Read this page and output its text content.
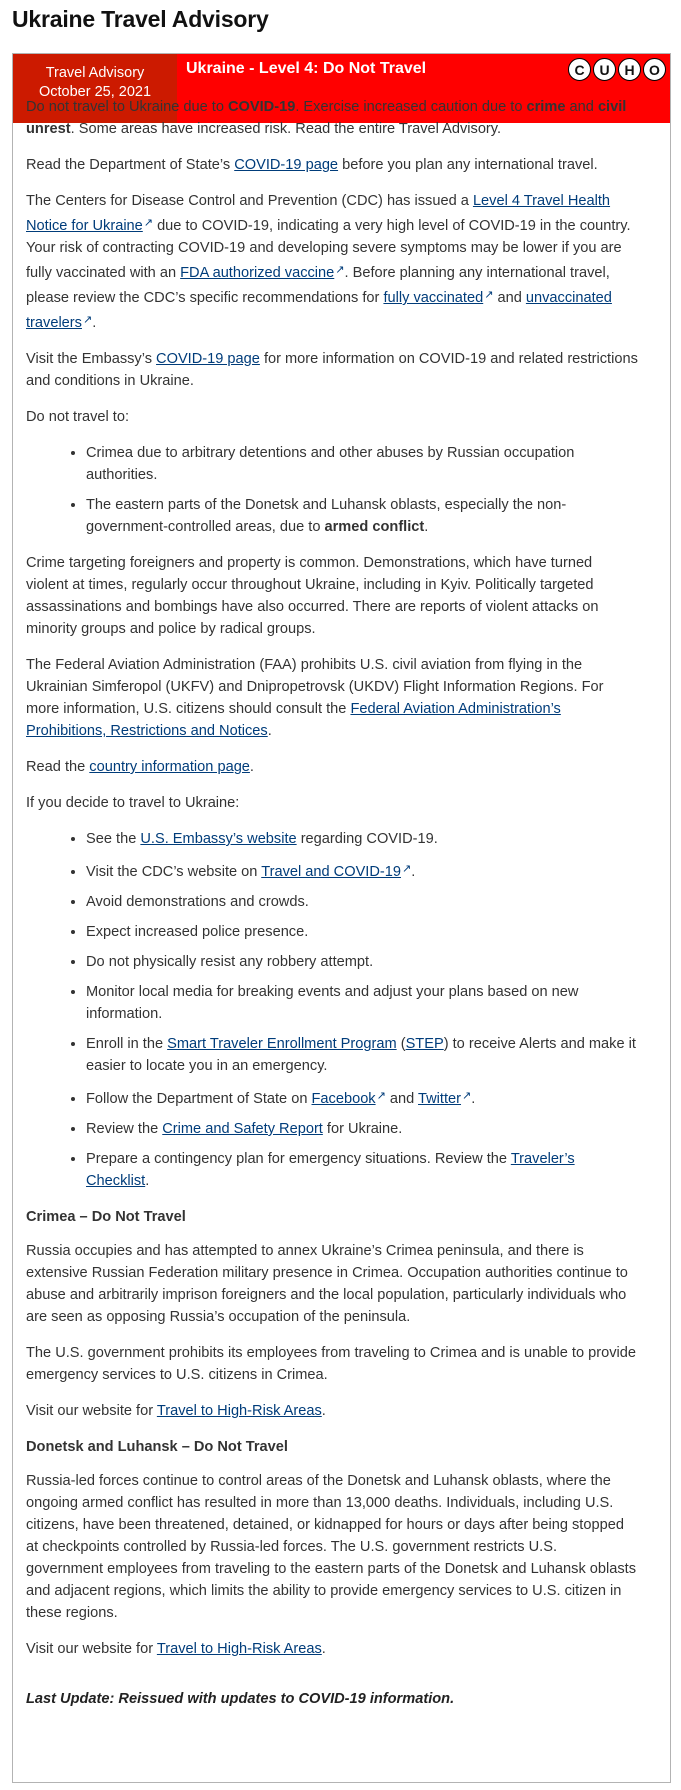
Ukraine Travel Advisory
Travel Advisory
October 25, 2021
Ukraine - Level 4: Do Not Travel	C	U	H	O

Do not travel to Ukraine due to COVID-19. Exercise increased caution due to crime and civil unrest. Some areas have increased risk. Read the entire Travel Advisory.

Read the Department of State’s COVID-19 page before you plan any international travel.

The Centers for Disease Control and Prevention (CDC) has issued a Level 4 Travel Health Notice for Ukraine↗ due to COVID-19, indicating a very high level of COVID-19 in the country. Your risk of contracting COVID-19 and developing severe symptoms may be lower if you are fully vaccinated with an FDA authorized vaccine↗. Before planning any international travel, please review the CDC’s specific recommendations for fully vaccinated↗ and unvaccinated travelers↗.

Visit the Embassy’s COVID-19 page for more information on COVID-19 and related restrictions and conditions in Ukraine.

Do not travel to:

• Crimea due to arbitrary detentions and other abuses by Russian occupation authorities.
• The eastern parts of the Donetsk and Luhansk oblasts, especially the non-government-controlled areas, due to armed conflict.

Crime targeting foreigners and property is common. Demonstrations, which have turned violent at times, regularly occur throughout Ukraine, including in Kyiv. Politically targeted assassinations and bombings have also occurred. There are reports of violent attacks on minority groups and police by radical groups.

The Federal Aviation Administration (FAA) prohibits U.S. civil aviation from flying in the Ukrainian Simferopol (UKFV) and Dnipropetrovsk (UKDV) Flight Information Regions. For more information, U.S. citizens should consult the Federal Aviation Administration’s Prohibitions, Restrictions and Notices.

Read the country information page.

If you decide to travel to Ukraine:

• See the U.S. Embassy’s website regarding COVID-19.
• Visit the CDC’s website on Travel and COVID-19↗.
• Avoid demonstrations and crowds.
• Expect increased police presence.
• Do not physically resist any robbery attempt.
• Monitor local media for breaking events and adjust your plans based on new information.
• Enroll in the Smart Traveler Enrollment Program (STEP) to receive Alerts and make it easier to locate you in an emergency.
• Follow the Department of State on Facebook↗ and Twitter↗.
• Review the Crime and Safety Report for Ukraine.
• Prepare a contingency plan for emergency situations. Review the Traveler’s Checklist.
Crimea – Do Not Travel

Russia occupies and has attempted to annex Ukraine’s Crimea peninsula, and there is extensive Russian Federation military presence in Crimea. Occupation authorities continue to abuse and arbitrarily imprison foreigners and the local population, particularly individuals who are seen as opposing Russia’s occupation of the peninsula.

The U.S. government prohibits its employees from traveling to Crimea and is unable to provide emergency services to U.S. citizens in Crimea.

Visit our website for Travel to High-Risk Areas.

Donetsk and Luhansk – Do Not Travel

Russia-led forces continue to control areas of the Donetsk and Luhansk oblasts, where the ongoing armed conflict has resulted in more than 13,000 deaths. Individuals, including U.S. citizens, have been threatened, detained, or kidnapped for hours or days after being stopped at checkpoints controlled by Russia-led forces. The U.S. government restricts U.S. government employees from traveling to the eastern parts of the Donetsk and Luhansk oblasts and adjacent regions, which limits the ability to provide emergency services to U.S. citizen in these regions.

Visit our website for Travel to High-Risk Areas.

Last Update: Reissued with updates to COVID-19 information.
